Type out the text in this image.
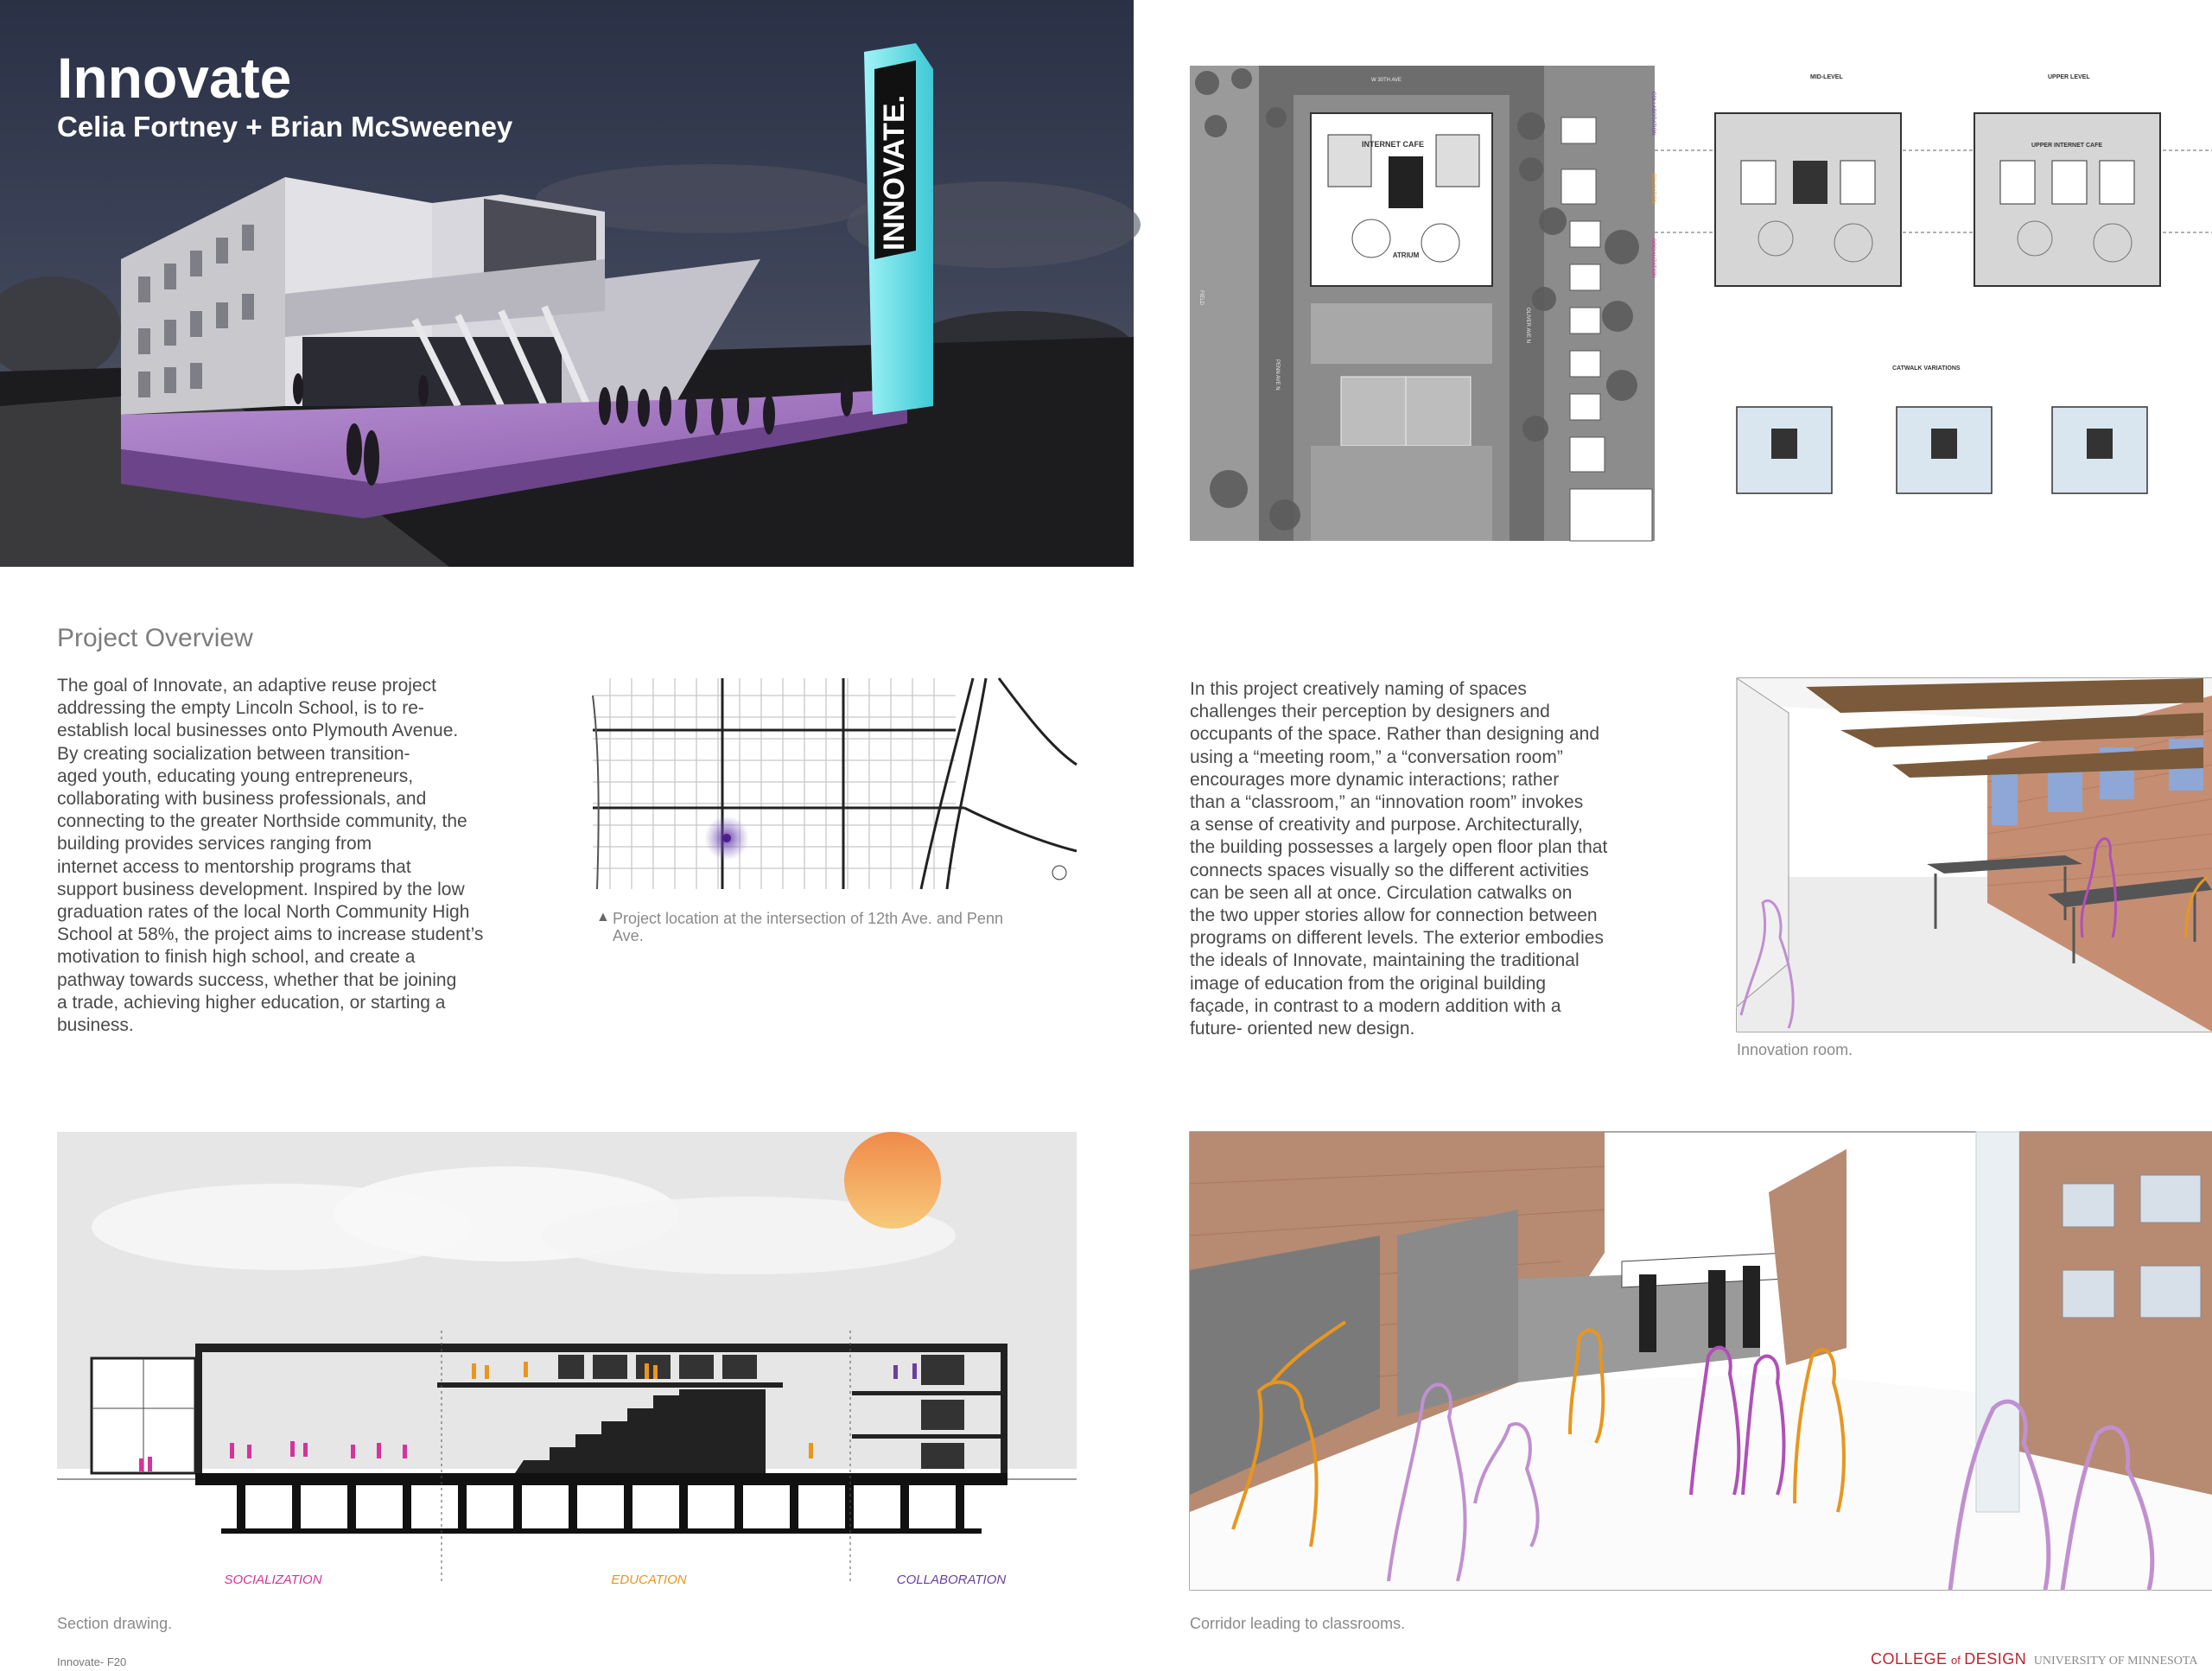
INNOVATE.
Innovate
Celia Fortney + Brian McSweeney
INTERNET CAFE
ATRIUM
W 30TH AVE
PENN AVE N
OLIVER AVE N
FIELD
COLLABORATION
EDUCATION
SOCIALIZATION
MID-LEVEL	UPPER LEVEL
UPPER INTERNET CAFE
CATWALK VARIATIONS
Project Overview

The goal of Innovate, an adaptive reuse project
addressing the empty Lincoln School, is to re-
establish local businesses onto Plymouth Avenue.
By creating socialization between transition-
aged youth, educating young entrepreneurs,
collaborating with business professionals, and
connecting to the greater Northside community, the
building provides services ranging from
internet access to mentorship programs that
support business development. Inspired by the low
graduation rates of the local North Community High
School at 58%, the project aims to increase student’s
motivation to finish high school, and create a
pathway towards success, whether that be joining
a trade, achieving higher education, or starting a
business.

▲ Project location at the intersection of 12th Ave. and Penn
Ave.

In this project creatively naming of spaces
challenges their perception by designers and
occupants of the space. Rather than designing and
using a “meeting room,” a “conversation room”
encourages more dynamic interactions; rather
than a “classroom,” an “innovation room” invokes
a sense of creativity and purpose. Architecturally,
the building possesses a largely open floor plan that
connects spaces visually so the different activities
can be seen all at once. Circulation catwalks on
the two upper stories allow for connection between
programs on different levels. The exterior embodies
the ideals of Innovate, maintaining the traditional
image of education from the original building
façade, in contrast to a modern addition with a
future- oriented new design.

Innovation room.
SOCIALIZATION	EDUCATION	COLLABORATION
Section drawing.	Corridor leading to classrooms.
Innovate- F20	COLLEGE of DESIGN UNIVERSITY OF MINNESOTA
